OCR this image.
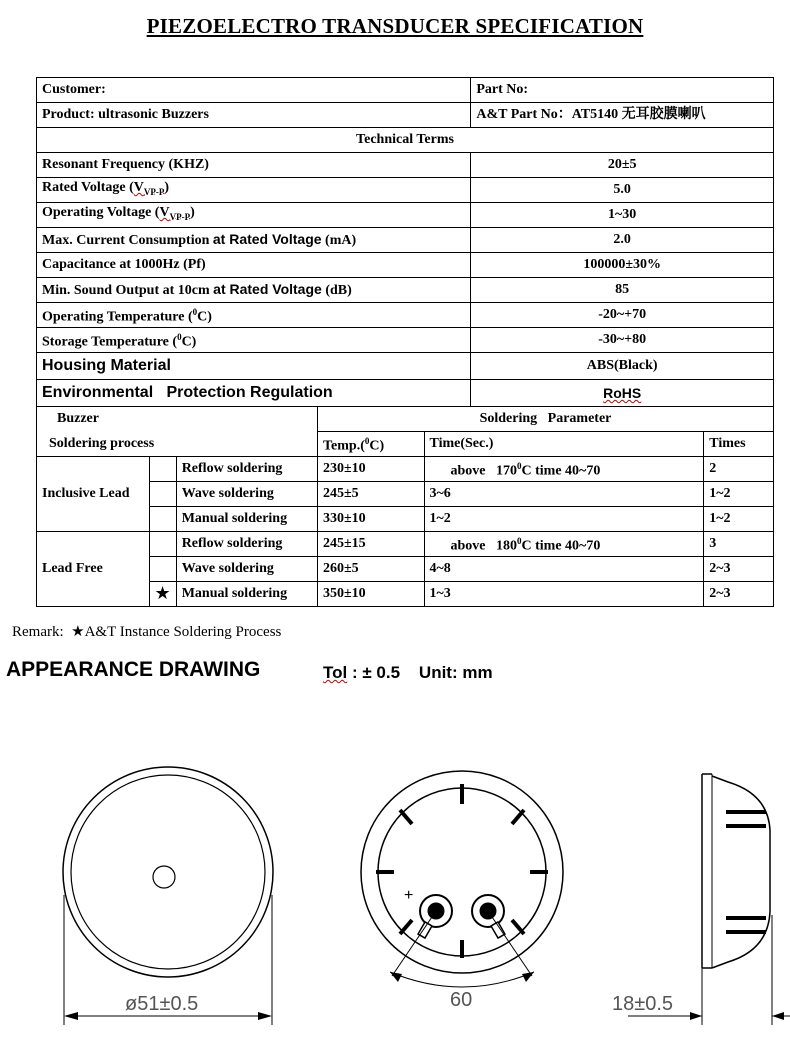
PIEZOELECTRO TRANSDUCER SPECIFICATION
Customer:					Part No:	
Product: ultrasonic Buzzers					A&T Part No：AT5140 无耳胶膜喇叭	
Technical Terms						
Resonant Frequency (KHZ)					20±5	
Rated Voltage $(V_{VP-P})$					5.0	
Operating Voltage $(V_{VP-P})$					1~30	
Max. Current Consumption at Rated Voltage (mA)					2.0	
Capacitance at 1000Hz (Pf)					100000±30%	
Min. Sound Output at 10cm at Rated Voltage (dB)					85	
Operating Temperature ($^0$C)					-20~+70	
Storage Temperature ($^0$C)					-30~+80	
Housing Material					ABS(Black)	
Environmental   Protection Regulation					RoHS	
Buzzer			Soldering   Parameter			
Soldering process			Temp.($^0$C)	Time(Sec.)		Times
Inclusive Lead		Reflow soldering	230±10	above   $170^0C$ time 40~70		2
		Wave soldering	245±5	3~6		1~2
		Manual soldering	330±10	1~2		1~2
Lead Free		Reflow soldering	245±15	above   $180^0C$ time 40~70		3
		Wave soldering	260±5	4~8		2~3
	★	Manual soldering	350±10	1~3		2~3
Remark:  ★A&T Instance Soldering Process
APPEARANCE DRAWING	Tol : ± 0.5    Unit: mm
ø51±0.5
+
60	18±0.5
